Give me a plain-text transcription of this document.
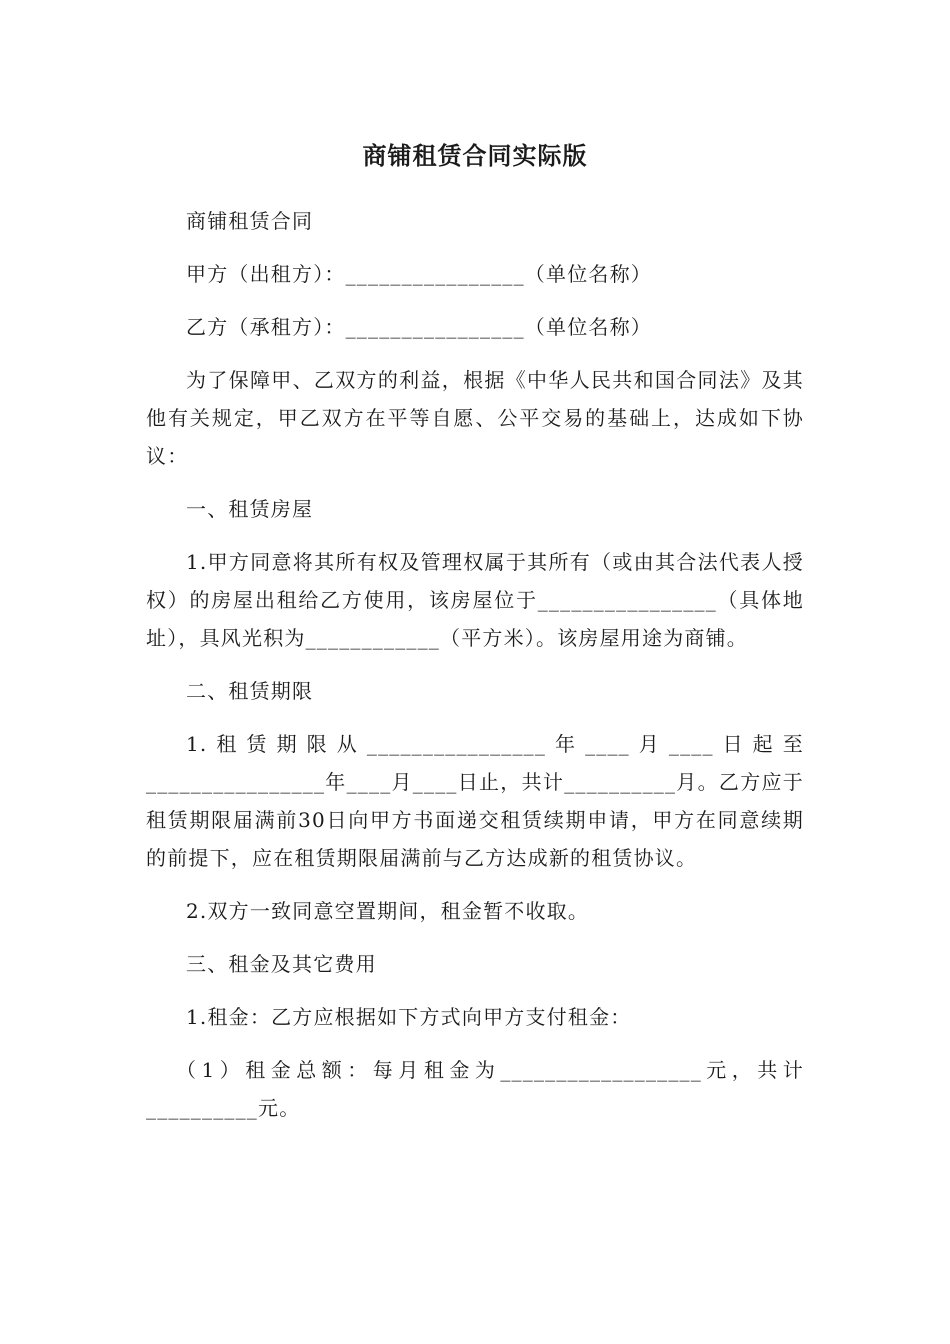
商铺租赁合同实际版

商铺租赁合同

甲方（出租方）：________________（单位名称）

乙方（承租方）：________________（单位名称）

为了保障甲、乙双方的利益，根据《中华人民共和国合同法》及其他有关规定，甲乙双方在平等自愿、公平交易的基础上，达成如下协议：

一、租赁房屋

1.甲方同意将其所有权及管理权属于其所有（或由其合法代表人授权）的房屋出租给乙方使用，该房屋位于________________（具体地址），具风光积为____________（平方米）。该房屋用途为商铺。

二、租赁期限

1.租赁期限从________________年____月____日起至________________年____月____日止，共计__________月。乙方应于租赁期限届满前30日向甲方书面递交租赁续期申请，甲方在同意续期的前提下，应在租赁期限届满前与乙方达成新的租赁协议。

2.双方一致同意空置期间，租金暂不收取。

三、租金及其它费用

1.租金：乙方应根据如下方式向甲方支付租金：

（1）租金总额：每月租金为__________________元，共计__________元。
